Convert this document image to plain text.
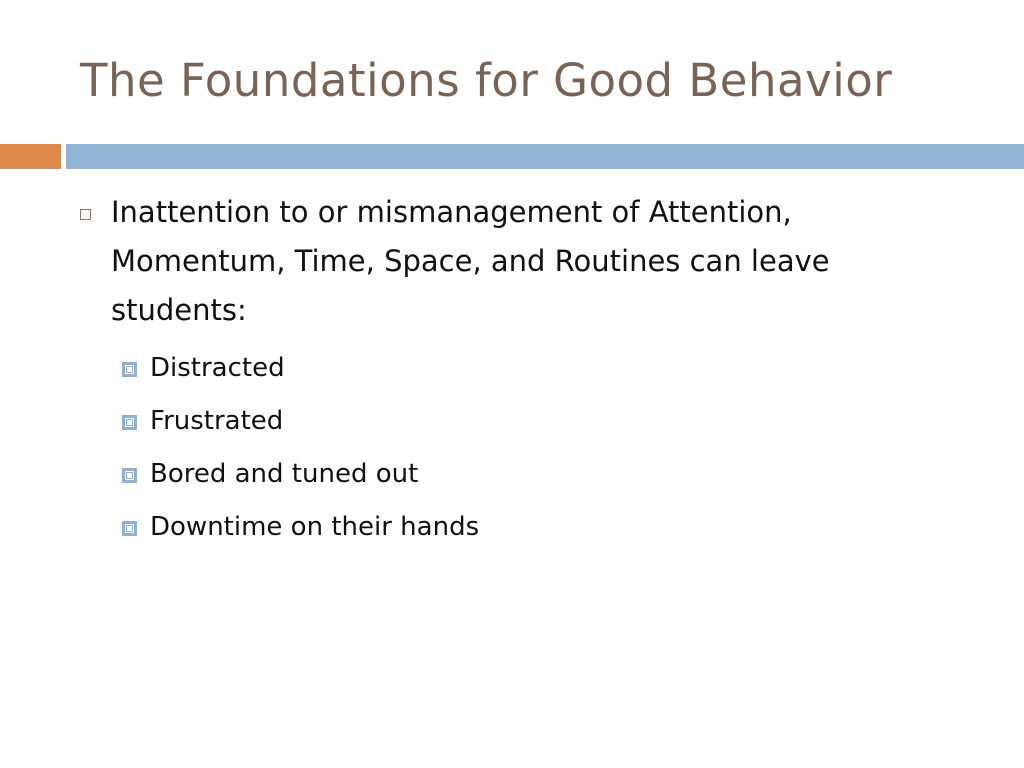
The Foundations for Good Behavior
Inattention to or mismanagement of Attention, Momentum, Time, Space, and Routines can leave students:
Distracted
Frustrated
Bored and tuned out
Downtime on their hands
